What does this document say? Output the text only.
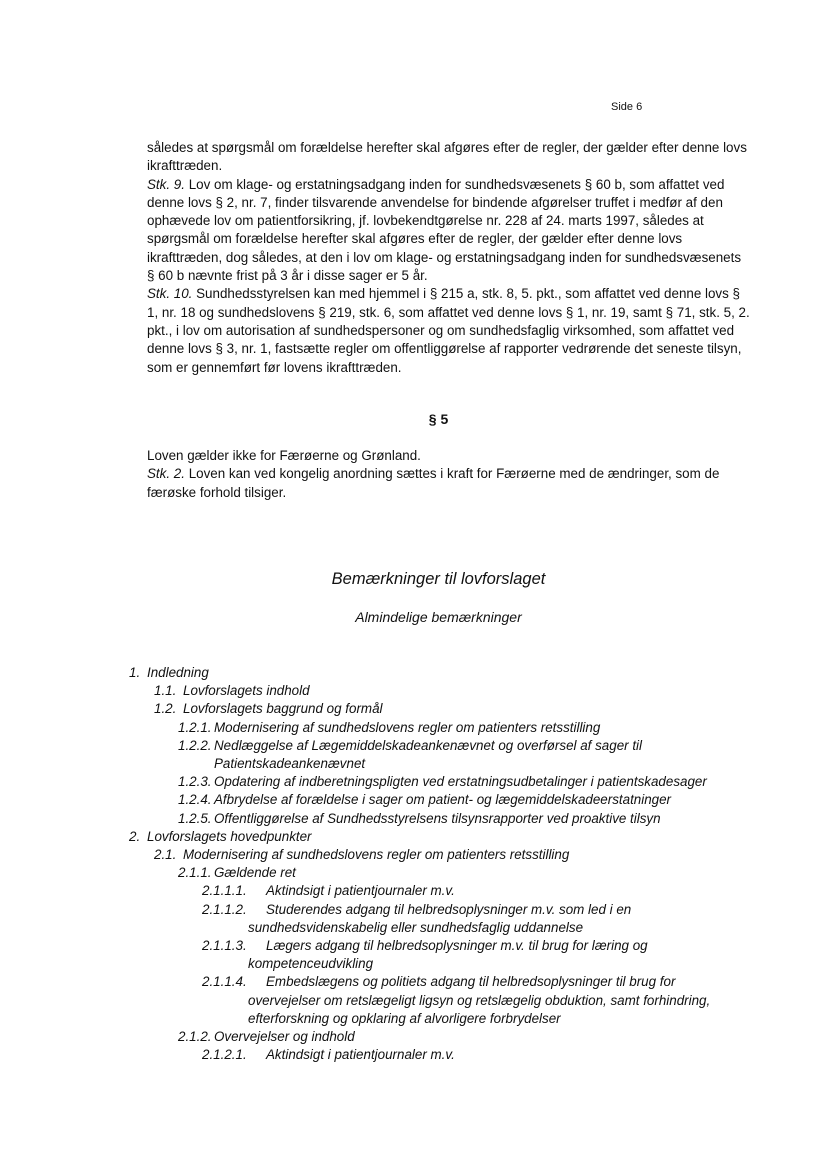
Side 6

således at spørgsmål om forældelse herefter skal afgøres efter de regler, der gælder efter denne lovs ikrafttræden.

Stk. 9. Lov om klage- og erstatningsadgang inden for sundhedsvæsenets § 60 b, som affattet ved denne lovs § 2, nr. 7, finder tilsvarende anvendelse for bindende afgørelser truffet i medfør af den ophævede lov om patientforsikring, jf. lovbekendtgørelse nr. 228 af 24. marts 1997, således at spørgsmål om forældelse herefter skal afgøres efter de regler, der gælder efter denne lovs ikrafttræden, dog således, at den i lov om klage- og erstatningsadgang inden for sundhedsvæsenets § 60 b nævnte frist på 3 år i disse sager er 5 år.

Stk. 10. Sundhedsstyrelsen kan med hjemmel i § 215 a, stk. 8, 5. pkt., som affattet ved denne lovs § 1, nr. 18 og sundhedslovens § 219, stk. 6, som affattet ved denne lovs § 1, nr. 19, samt § 71, stk. 5, 2. pkt., i lov om autorisation af sundhedspersoner og om sundhedsfaglig virksomhed, som affattet ved denne lovs § 3, nr. 1, fastsætte regler om offentliggørelse af rapporter vedrørende det seneste tilsyn, som er gennemført før lovens ikrafttræden.

§ 5

Loven gælder ikke for Færøerne og Grønland.

Stk. 2. Loven kan ved kongelig anordning sættes i kraft for Færøerne med de ændringer, som de færøske forhold tilsiger.

Bemærkninger til lovforslaget
Almindelige bemærkninger
1. Indledning
1.1. Lovforslagets indhold
1.2. Lovforslagets baggrund og formål
1.2.1. Modernisering af sundhedslovens regler om patienters retsstilling
1.2.2. Nedlæggelse af Lægemiddelskadeankenævnet og overførsel af sager til Patientskadeankenævnet
1.2.3. Opdatering af indberetningspligten ved erstatningsudbetalinger i patientskadesager
1.2.4. Afbrydelse af forældelse i sager om patient- og lægemiddelskadeerstatninger
1.2.5. Offentliggørelse af Sundhedsstyrelsens tilsynsrapporter ved proaktive tilsyn
2. Lovforslagets hovedpunkter
2.1. Modernisering af sundhedslovens regler om patienters retsstilling
2.1.1. Gældende ret
2.1.1.1.	Aktindsigt i patientjournaler m.v.
2.1.1.2.	Studerendes adgang til helbredsoplysninger m.v. som led i en sundhedsvidenskabelig eller sundhedsfaglig uddannelse
2.1.1.3.	Lægers adgang til helbredsoplysninger m.v. til brug for læring og kompetenceudvikling
2.1.1.4.	Embedslægens og politiets adgang til helbredsoplysninger til brug for overvejelser om retslægeligt ligsyn og retslægelig obduktion, samt forhindring, efterforskning og opklaring af alvorligere forbrydelser
2.1.2. Overvejelser og indhold
2.1.2.1.	Aktindsigt i patientjournaler m.v.
